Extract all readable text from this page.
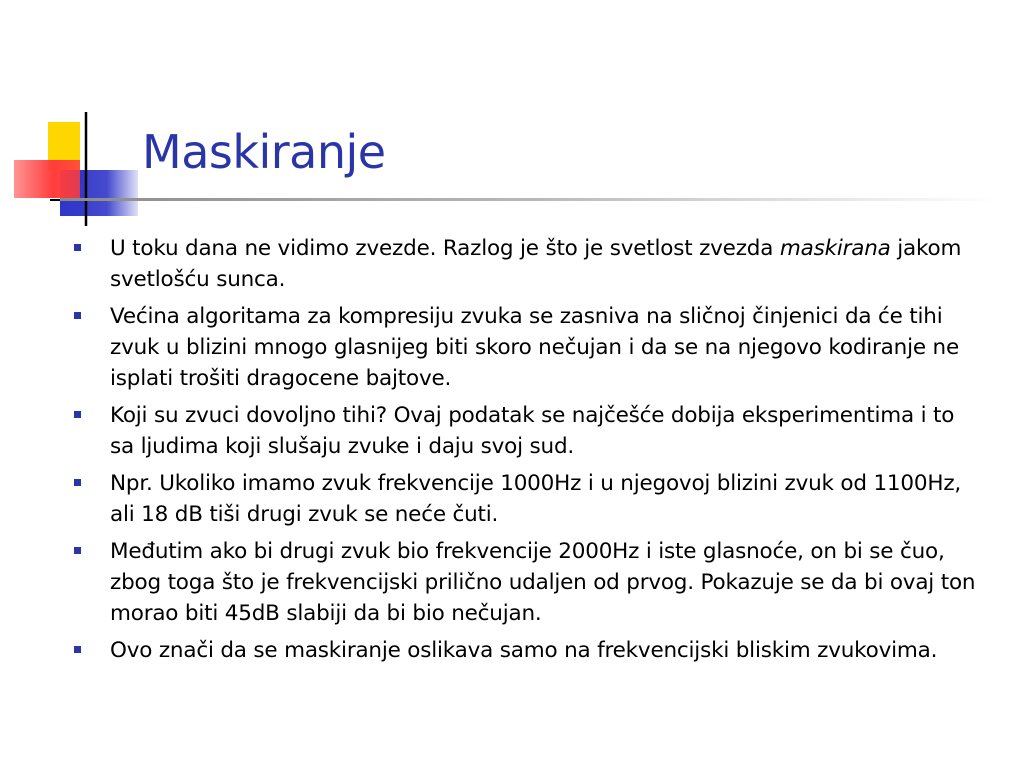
Maskiranje
U toku dana ne vidimo zvezde. Razlog je što je svetlost zvezda maskirana jakom svetlošću sunca.
Većina algoritama za kompresiju zvuka se zasniva na sličnoj činjenici da će tihi zvuk u blizini mnogo glasnijeg biti skoro nečujan i da se na njegovo kodiranje ne isplati trošiti dragocene bajtove.
Koji su zvuci dovoljno tihi? Ovaj podatak se najčešće dobija eksperimentima i to sa ljudima koji slušaju zvuke i daju svoj sud.
Npr. Ukoliko imamo zvuk frekvencije 1000Hz i u njegovoj blizini zvuk od 1100Hz, ali 18 dB tiši drugi zvuk se neće čuti.
Međutim ako bi drugi zvuk bio frekvencije 2000Hz i iste glasnoće, on bi se čuo, zbog toga što je frekvencijski prilično udaljen od prvog. Pokazuje se da bi ovaj ton morao biti 45dB slabiji da bi bio nečujan.
Ovo znači da se maskiranje oslikava samo na frekvencijski bliskim zvukovima.
